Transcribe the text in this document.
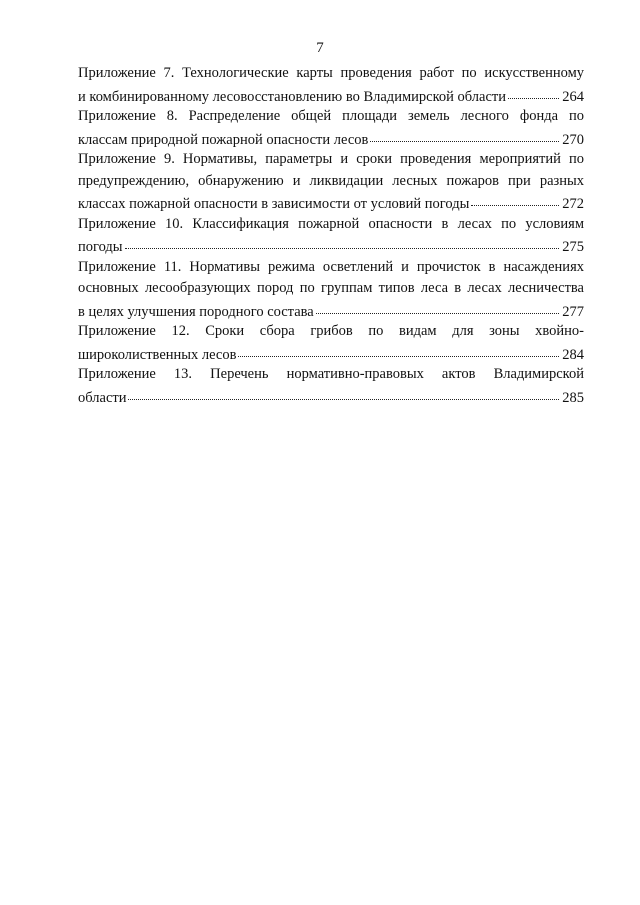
7
Приложение 7. Технологические карты проведения работ по искусственному
и комбинированному лесовосстановлению во Владимирской области	264
Приложение 8. Распределение общей площади земель лесного фонда по
классам природной пожарной опасности лесов	270
Приложение 9. Нормативы, параметры и сроки проведения мероприятий по
предупреждению, обнаружению и ликвидации лесных пожаров при разных
классах пожарной опасности в зависимости от условий погоды	272
Приложение 10. Классификация пожарной опасности в лесах по условиям
погоды	275
Приложение 11. Нормативы режима осветлений и прочисток в насаждениях
основных лесообразующих пород по группам типов леса в лесах лесничества
в целях улучшения породного состава	277
Приложение 12. Сроки сбора грибов по видам для зоны хвойно-
широколиственных лесов	284
Приложение 13. Перечень нормативно-правовых актов Владимирской
области	285
